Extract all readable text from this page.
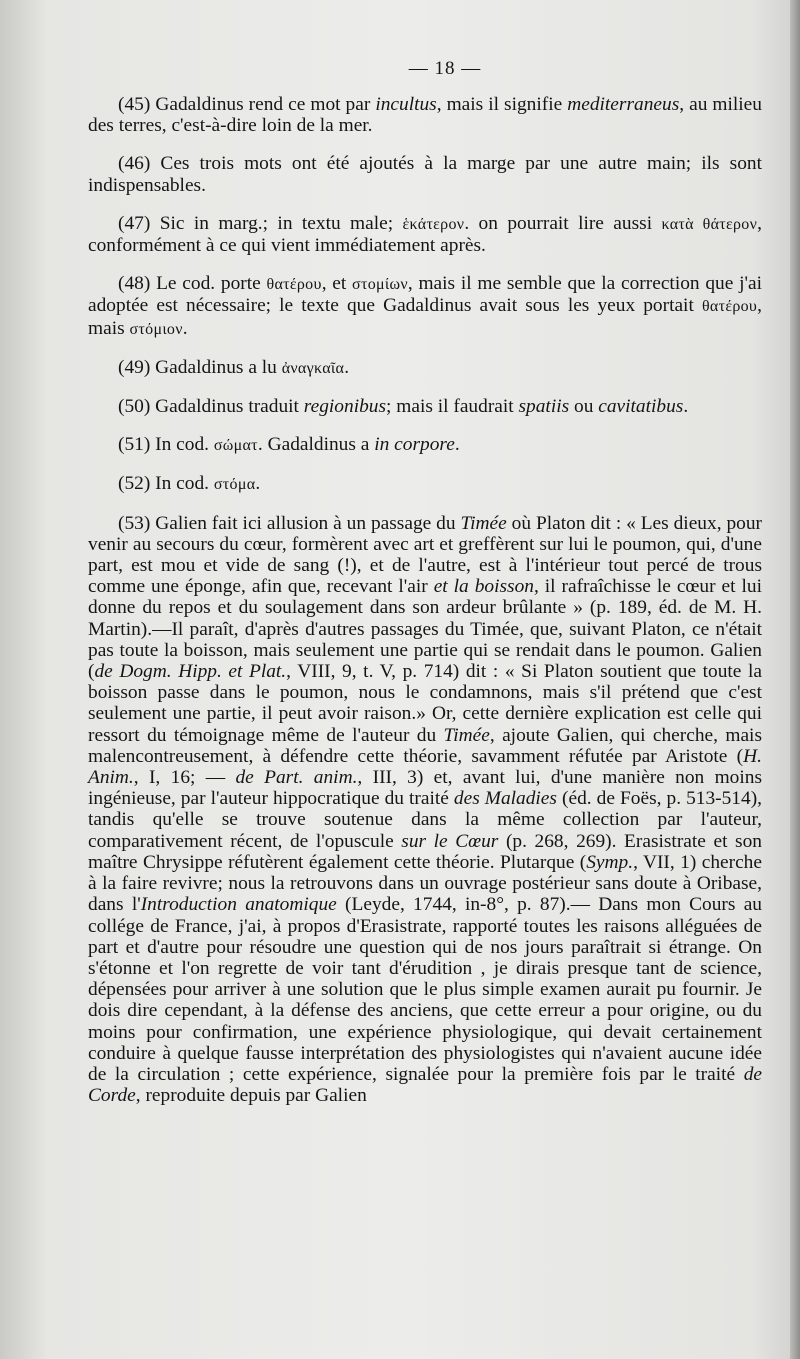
— 18 —

(45) Gadaldinus rend ce mot par incultus, mais il signifie mediterraneus, au milieu des terres, c'est-à-dire loin de la mer.

(46) Ces trois mots ont été ajoutés à la marge par une autre main; ils sont indispensables.

(47) Sic in marg.; in textu male; ἑκάτερον. on pourrait lire aussi κατὰ θάτερον, conformément à ce qui vient immédiatement après.

(48) Le cod. porte θατέρου, et στομίων, mais il me semble que la correction que j'ai adoptée est nécessaire; le texte que Gadaldinus avait sous les yeux portait θατέρου, mais στόμιον.

(49) Gadaldinus a lu ἀναγκαῖα.

(50) Gadaldinus traduit regionibus; mais il faudrait spatiis ou cavitatibus.

(51) In cod. σώματ. Gadaldinus a in corpore.

(52) In cod. στόμα.

(53) Galien fait ici allusion à un passage du Timée où Platon dit : « Les dieux, pour venir au secours du cœur, formèrent avec art et greffèrent sur lui le poumon, qui, d'une part, est mou et vide de sang (!), et de l'autre, est à l'intérieur tout percé de trous comme une éponge, afin que, recevant l'air et la boisson, il rafraîchisse le cœur et lui donne du repos et du soulagement dans son ardeur brûlante » (p. 189, éd. de M. H. Martin).—Il paraît, d'après d'autres passages du Timée, que, suivant Platon, ce n'était pas toute la boisson, mais seulement une partie qui se rendait dans le poumon. Galien (de Dogm. Hipp. et Plat., VIII, 9, t. V, p. 714) dit : « Si Platon soutient que toute la boisson passe dans le poumon, nous le condamnons, mais s'il prétend que c'est seulement une partie, il peut avoir raison.» Or, cette dernière explication est celle qui ressort du témoignage même de l'auteur du Timée, ajoute Galien, qui cherche, mais malencontreusement, à défendre cette théorie, savamment réfutée par Aristote (H. Anim., I, 16; — de Part. anim., III, 3) et, avant lui, d'une manière non moins ingénieuse, par l'auteur hippocratique du traité des Maladies (éd. de Foës, p. 513-514), tandis qu'elle se trouve soutenue dans la même collection par l'auteur, comparativement récent, de l'opuscule sur le Cœur (p. 268, 269). Erasistrate et son maître Chrysippe réfutèrent également cette théorie. Plutarque (Symp., VII, 1) cherche à la faire revivre; nous la retrouvons dans un ouvrage postérieur sans doute à Oribase, dans l'Introduction anatomique (Leyde, 1744, in-8°, p. 87).— Dans mon Cours au collége de France, j'ai, à propos d'Erasistrate, rapporté toutes les raisons alléguées de part et d'autre pour résoudre une question qui de nos jours paraîtrait si étrange. On s'étonne et l'on regrette de voir tant d'érudition , je dirais presque tant de science, dépensées pour arriver à une solution que le plus simple examen aurait pu fournir. Je dois dire cependant, à la défense des anciens, que cette erreur a pour origine, ou du moins pour confirmation, une expérience physiologique, qui devait certainement conduire à quelque fausse interprétation des physiologistes qui n'avaient aucune idée de la circulation ; cette expérience, signalée pour la première fois par le traité de Corde, reproduite depuis par Galien
